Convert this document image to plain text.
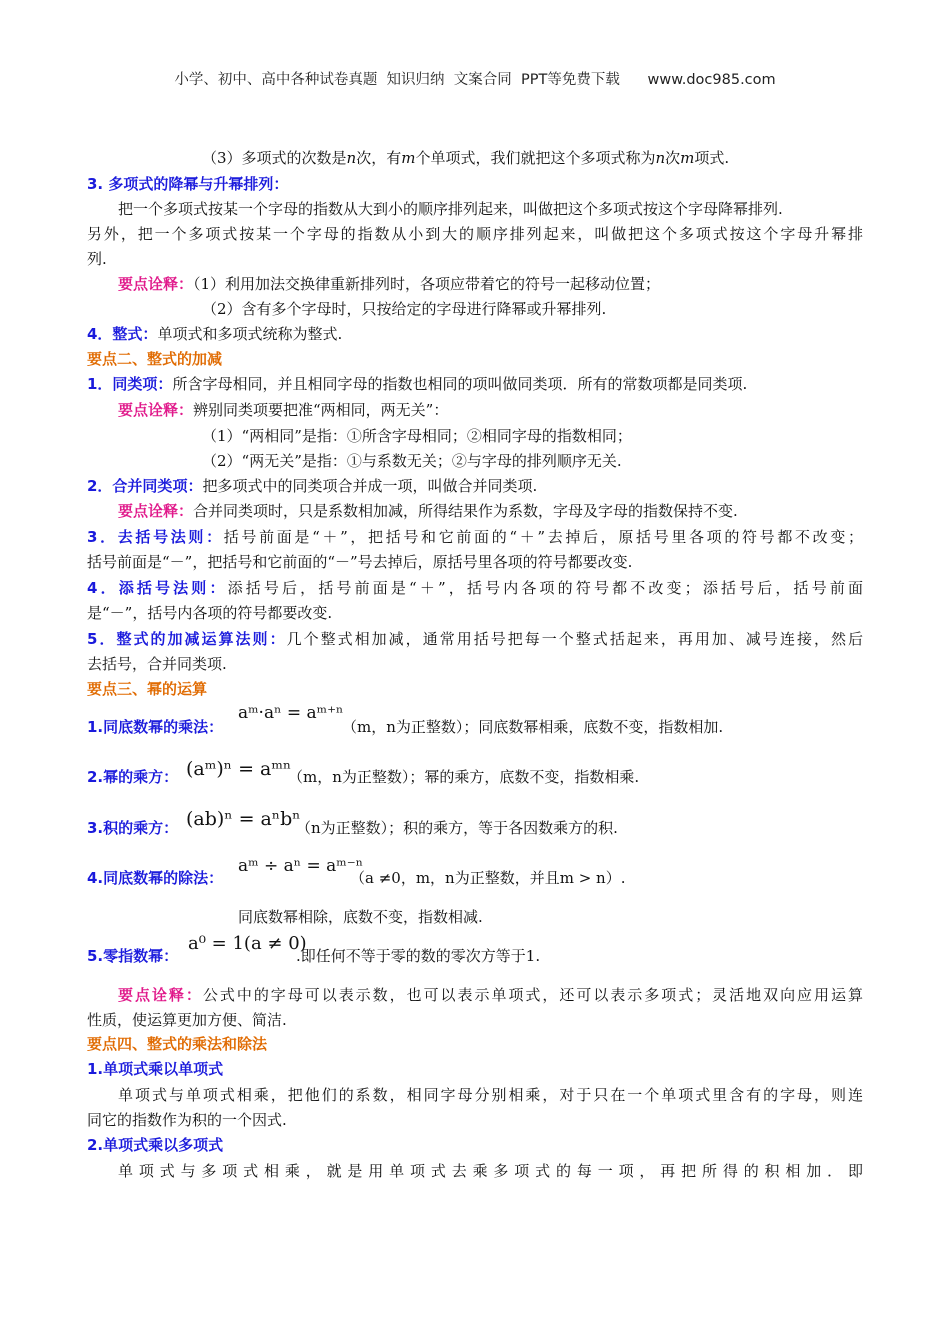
小学、初中、高中各种试卷真题  知识归纳  文案合同  PPT等免费下载      www.doc985.com
（3）多项式的次数是n次，有m个单项式，我们就把这个多项式称为n次m项式.
3. 多项式的降幂与升幂排列：
把一个多项式按某一个字母的指数从大到小的顺序排列起来，叫做把这个多项式按这个字母降幂排列.
另外，把一个多项式按某一个字母的指数从小到大的顺序排列起来，叫做把这个多项式按这个字母升幂排
列.
要点诠释：（1）利用加法交换律重新排列时，各项应带着它的符号一起移动位置；
（2）含有多个字母时，只按给定的字母进行降幂或升幂排列.
4．整式：单项式和多项式统称为整式.
要点二、整式的加减
1．同类项：所含字母相同，并且相同字母的指数也相同的项叫做同类项．所有的常数项都是同类项.
要点诠释：辨别同类项要把准“两相同，两无关”：
（1）“两相同”是指：①所含字母相同；②相同字母的指数相同；
（2）“两无关”是指：①与系数无关；②与字母的排列顺序无关.
2．合并同类项：把多项式中的同类项合并成一项，叫做合并同类项.
要点诠释：合并同类项时，只是系数相加减，所得结果作为系数，字母及字母的指数保持不变.
3．去括号法则：括号前面是“＋”，把括号和它前面的“＋”去掉后，原括号里各项的符号都不改变；
括号前面是“－”，把括号和它前面的“－”号去掉后，原括号里各项的符号都要改变.
4．添括号法则：添括号后，括号前面是“＋”，括号内各项的符号都不改变；添括号后，括号前面
是“－”，括号内各项的符号都要改变.
5．整式的加减运算法则：几个整式相加减，通常用括号把每一个整式括起来，再用加、减号连接，然后
去括号，合并同类项.
要点三、幂的运算
1.同底数幂的乘法：
aᵐ·aⁿ = aᵐ⁺ⁿ
（m，n为正整数）；同底数幂相乘，底数不变，指数相加.
2.幂的乘方： (aᵐ)ⁿ = aᵐⁿ
（m，n为正整数）；幂的乘方，底数不变，指数相乘.
3.积的乘方： (ab)ⁿ = aⁿbⁿ
（n为正整数）；积的乘方，等于各因数乘方的积.
4.同底数幂的除法：
aᵐ ÷ aⁿ = aᵐ⁻ⁿ
（a ≠0，m，n为正整数，并且m > n）.
同底数幂相除，底数不变，指数相减.
5.零指数幂：
a⁰ = 1(a ≠ 0)
.即任何不等于零的数的零次方等于1.
要点诠释：公式中的字母可以表示数，也可以表示单项式，还可以表示多项式；灵活地双向应用运算
性质，使运算更加方便、简洁.
要点四、整式的乘法和除法
1.单项式乘以单项式
单项式与单项式相乘，把他们的系数，相同字母分别相乘，对于只在一个单项式里含有的字母，则连
同它的指数作为积的一个因式.
2.单项式乘以多项式
单项式与多项式相乘，就是用单项式去乘多项式的每一项，再把所得的积相加．即
